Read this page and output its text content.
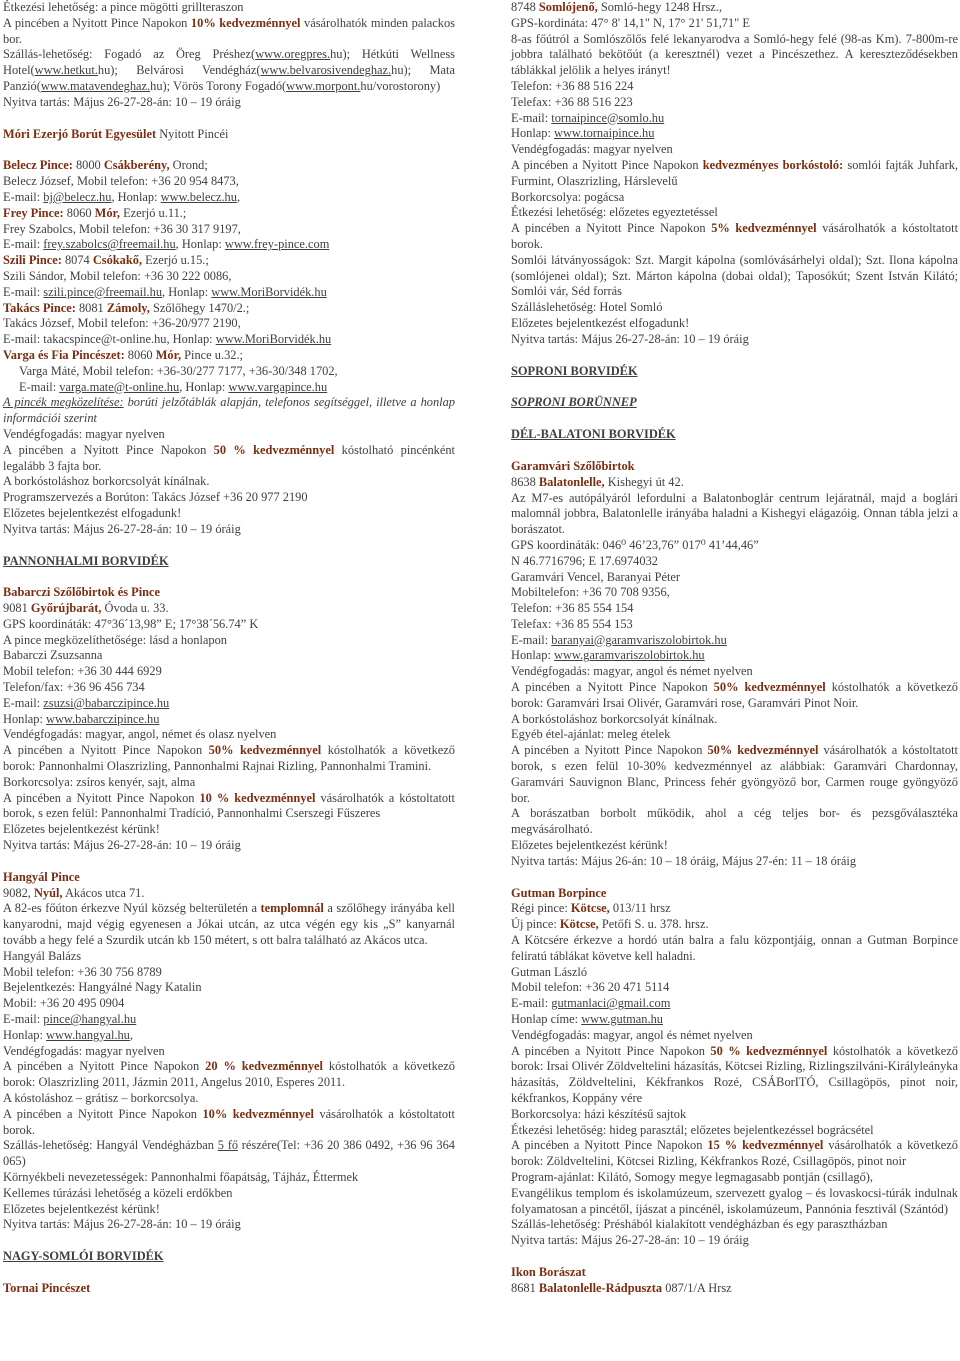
Étkezési lehetőség: a pince mögötti grillteraszon

A pincében a Nyitott Pince Napokon 10% kedvezménnyel vásárolhatók minden palackos bor.

Szállás-lehetőség: Fogadó az Öreg Préshez(www.oregpres.hu); Hétkúti Wellness Hotel(www.hetkut.hu); Belvárosi Vendégház(www.belvarosivendeghaz.hu); Mata Panzió(www.matavendeghaz.hu); Vörös Torony Fogadó(www.morpont.hu/vorostorony)

Nyitva tartás: Május 26-27-28-án: 10 – 19 óráig

Móri Ezerjó Borút Egyesület Nyitott Pincéi

Belecz Pince: 8000 Csákberény, Orond;

Belecz József, Mobil telefon: +36 20 954 8473,

E-mail: bj@belecz.hu, Honlap: www.belecz.hu,

Frey Pince: 8060 Mór, Ezerjó u.11.;

Frey Szabolcs, Mobil telefon: +36 30 317 9197,

E-mail: frey.szabolcs@freemail.hu, Honlap: www.frey-pince.com

Szili Pince: 8074 Csókakő, Ezerjó u.15.;

Szili Sándor, Mobil telefon: +36 30 222 0086,

E-mail: szili.pince@freemail.hu, Honlap: www.MoriBorvidék.hu

Takács Pince: 8081 Zámoly, Szőlőhegy 1470/2.;

Takács József, Mobil telefon: +36-20/977 2190,

E-mail: takacspince@t-online.hu, Honlap: www.MoriBorvidék.hu

Varga és Fia Pincészet: 8060 Mór, Pince u.32.;

Varga Máté, Mobil telefon: +36-30/277 7177, +36-30/348 1702,

E-mail: varga.mate@t-online.hu, Honlap: www.vargapince.hu

A pincék megközelítése: borúti jelzőtáblák alapján, telefonos segítséggel, illetve a honlap információi szerint

Vendégfogadás: magyar nyelven

A pincében a Nyitott Pince Napokon 50 % kedvezménnyel kóstolható pincénként legalább 3 fajta bor.

A borkóstoláshoz borkorcsolyát kínálnak.

Programszervezés a Borúton: Takács József +36 20 977 2190

Előzetes bejelentkezést elfogadunk!

Nyitva tartás: Május 26-27-28-án: 10 – 19 óráig

PANNONHALMI BORVIDÉK

Babarczi Szőlőbirtok és Pince

9081 Győrújbarát, Óvoda u. 33.

GPS koordináták: 47°36´13,98” E; 17°38´56.74” K

A pince megközelíthetősége: lásd a honlapon

Babarczi Zsuzsanna

Mobil telefon: +36 30 444 6929

Telefon/fax: +36 96 456 734

E-mail: zsuzsi@babarczipince.hu

Honlap: www.babarczipince.hu

Vendégfogadás: magyar, angol, német és olasz nyelven

A pincében a Nyitott Pince Napokon 50% kedvezménnyel kóstolhatók a következő borok: Pannonhalmi Olaszrizling, Pannonhalmi Rajnai Rizling, Pannonhalmi Tramini.

Borkorcsolya: zsíros kenyér, sajt, alma

A pincében a Nyitott Pince Napokon 10 % kedvezménnyel vásárolhatók a kóstoltatott borok, s ezen felül: Pannonhalmi Tradíció, Pannonhalmi Cserszegi Fűszeres

Előzetes bejelentkezést kérünk!

Nyitva tartás: Május 26-27-28-án: 10 – 19 óráig

Hangyál Pince

9082, Nyúl, Akácos utca 71.

A 82-es főúton érkezve Nyúl község belterületén a templomnál a szőlőhegy irányába kell kanyarodni, majd végig egyenesen a Jókai utcán, az utca végén egy kis „S” kanyarnál tovább a hegy felé a Szurdik utcán kb 150 métert, s ott balra található az Akácos utca.

Hangyál Balázs

Mobil telefon: +36 30 756 8789

Bejelentkezés: Hangyálné Nagy Katalin

Mobil: +36 20 495 0904

E-mail: pince@hangyal.hu

Honlap: www.hangyal.hu,

Vendégfogadás: magyar nyelven

A pincében a Nyitott Pince Napokon 20 % kedvezménnyel kóstolhatók a következő borok: Olaszrizling 2011, Jázmin 2011, Angelus 2010, Esperes 2011.

A kóstoláshoz – grátisz – borkorcsolya.

A pincében a Nyitott Pince Napokon 10% kedvezménnyel vásárolhatók a kóstoltatott borok.

Szállás-lehetőség: Hangyál Vendégházban 5 fő részére(Tel: +36 20 386 0492, +36 96 364 065)

Környékbeli nevezetességek: Pannonhalmi főapátság, Tájház, Éttermek

Kellemes túrázási lehetőség a közeli erdőkben

Előzetes bejelentkezést kérünk!

Nyitva tartás: Május 26-27-28-án: 10 – 19 óráig

NAGY-SOMLÓI BORVIDÉK

Tornai Pincészet

8748 Somlójenő, Somló-hegy 1248 Hrsz.,

GPS-kordináta: 47° 8' 14,1" N, 17° 21' 51,71" E

8-as főútról a Somlószőlős felé lekanyarodva a Somló-hegy felé (98-as Km). 7-800m-re jobbra található bekötőút (a keresztnél) vezet a Pincészethez. A kereszteződésekben táblákkal jelölik a helyes irányt!

Telefon: +36 88 516 224

Telefax: +36 88 516 223

E-mail: tornaipince@somlo.hu

Honlap: www.tornaipince.hu

Vendégfogadás: magyar nyelven

A pincében a Nyitott Pince Napokon kedvezményes borkóstoló: somlói fajták Juhfark, Furmint, Olaszrizling, Hárslevelű

Borkorcsolya: pogácsa

Étkezési lehetőség: előzetes egyeztetéssel

A pincében a Nyitott Pince Napokon 5% kedvezménnyel vásárolhatók a kóstoltatott borok.

Somlói látványosságok: Szt. Margit kápolna (somlóvásárhelyi oldal); Szt. Ilona kápolna (somlójenei oldal); Szt. Márton kápolna (dobai oldal); Taposókút; Szent István Kilátó; Somlói vár, Séd forrás

Szálláslehetőség: Hotel Somló

Előzetes bejelentkezést elfogadunk!

Nyitva tartás: Május 26-27-28-án: 10 – 19 óráig

SOPRONI BORVIDÉK

SOPRONI BORÜNNEP

DÉL-BALATONI BORVIDÉK

Garamvári Szőlőbirtok

8638 Balatonlelle, Kishegyi út 42.

Az M7-es autópályáról lefordulni a Balatonboglár centrum lejáratnál, majd a boglári malomnál jobbra, Balatonlelle irányába haladni a Kishegyi elágazóig. Onnan tábla jelzi a borászatot.

GPS koordináták: 046⁰ 46’23,76” 017⁰ 41’44,46”

N 46.7716796; E 17.6974032

Garamvári Vencel, Baranyai Péter

Mobiltelefon: +36 70 708 9356,

Telefon: +36 85 554 154

Telefax: +36 85 554 153

E-mail: baranyai@garamvariszolobirtok.hu

Honlap: www.garamvariszolobirtok.hu

Vendégfogadás: magyar, angol és német nyelven

A pincében a Nyitott Pince Napokon 50% kedvezménnyel kóstolhatók a következő borok: Garamvári Irsai Olivér, Garamvári rose, Garamvári Pinot Noir.

A borkóstoláshoz borkorcsolyát kínálnak.

Egyéb étel-ajánlat: meleg ételek

A pincében a Nyitott Pince Napokon 50% kedvezménnyel vásárolhatók a kóstoltatott borok, s ezen felül 10-30% kedvezménnyel az alábbiak: Garamvári Chardonnay, Garamvári Sauvignon Blanc, Princess fehér gyöngyöző bor, Carmen rouge gyöngyöző bor.

A borászatban borbolt működik, ahol a cég teljes bor- és pezsgőválasztéka megvásárolható.

Előzetes bejelentkezést kérünk!

Nyitva tartás: Május 26-án: 10 – 18 óráig, Május 27-én: 11 – 18 óráig

Gutman Borpince

Régi pince: Kötcse, 013/11 hrsz

Új pince: Kötcse, Petőfi S. u. 378. hrsz.

A Kötcsére érkezve a hordó után balra a falu központjáig, onnan a Gutman Borpince feliratú táblákat követve kell haladni.

Gutman László

Mobil telefon: +36 20 471 5114

E-mail: gutmanlaci@gmail.com

Honlap címe: www.gutman.hu

Vendégfogadás: magyar, angol és német nyelven

A pincében a Nyitott Pince Napokon 50 % kedvezménnyel kóstolhatók a következő borok: Irsai Olivér Zöldveltelini házasítás, Kötcsei Rizling, Rizlingszilváni-Királyleányka házasítás, Zöldveltelini, Kékfrankos Rozé, CSÁBorITÓ, Csillagöpös, pinot noir, kékfrankos, Koppány vére

Borkorcsolya: házi készítésű sajtok

Étkezési lehetőség: hideg parasztál; előzetes bejelentkezéssel bográcsétel

A pincében a Nyitott Pince Napokon 15 % kedvezménnyel vásárolhatók a következő borok: Zöldveltelini, Kötcsei Rizling, Kékfrankos Rozé, Csillagöpös, pinot noir

Program-ajánlat: Kilátó, Somogy megye legmagasabb pontján (csillagő),

Evangélikus templom és iskolamúzeum, szervezett gyalog – és lovaskocsi-túrák indulnak folyamatosan a pincétől, íjászat a pincénél, iskolamúzeum, Pannónia fesztivál (Szántód)

Szállás-lehetőség: Préshából kialakított vendégházban és egy parasztházban

Nyitva tartás: Május 26-27-28-án: 10 – 19 óráig

Ikon Borászat

8681 Balatonlelle-Rádpuszta 087/1/A Hrsz
